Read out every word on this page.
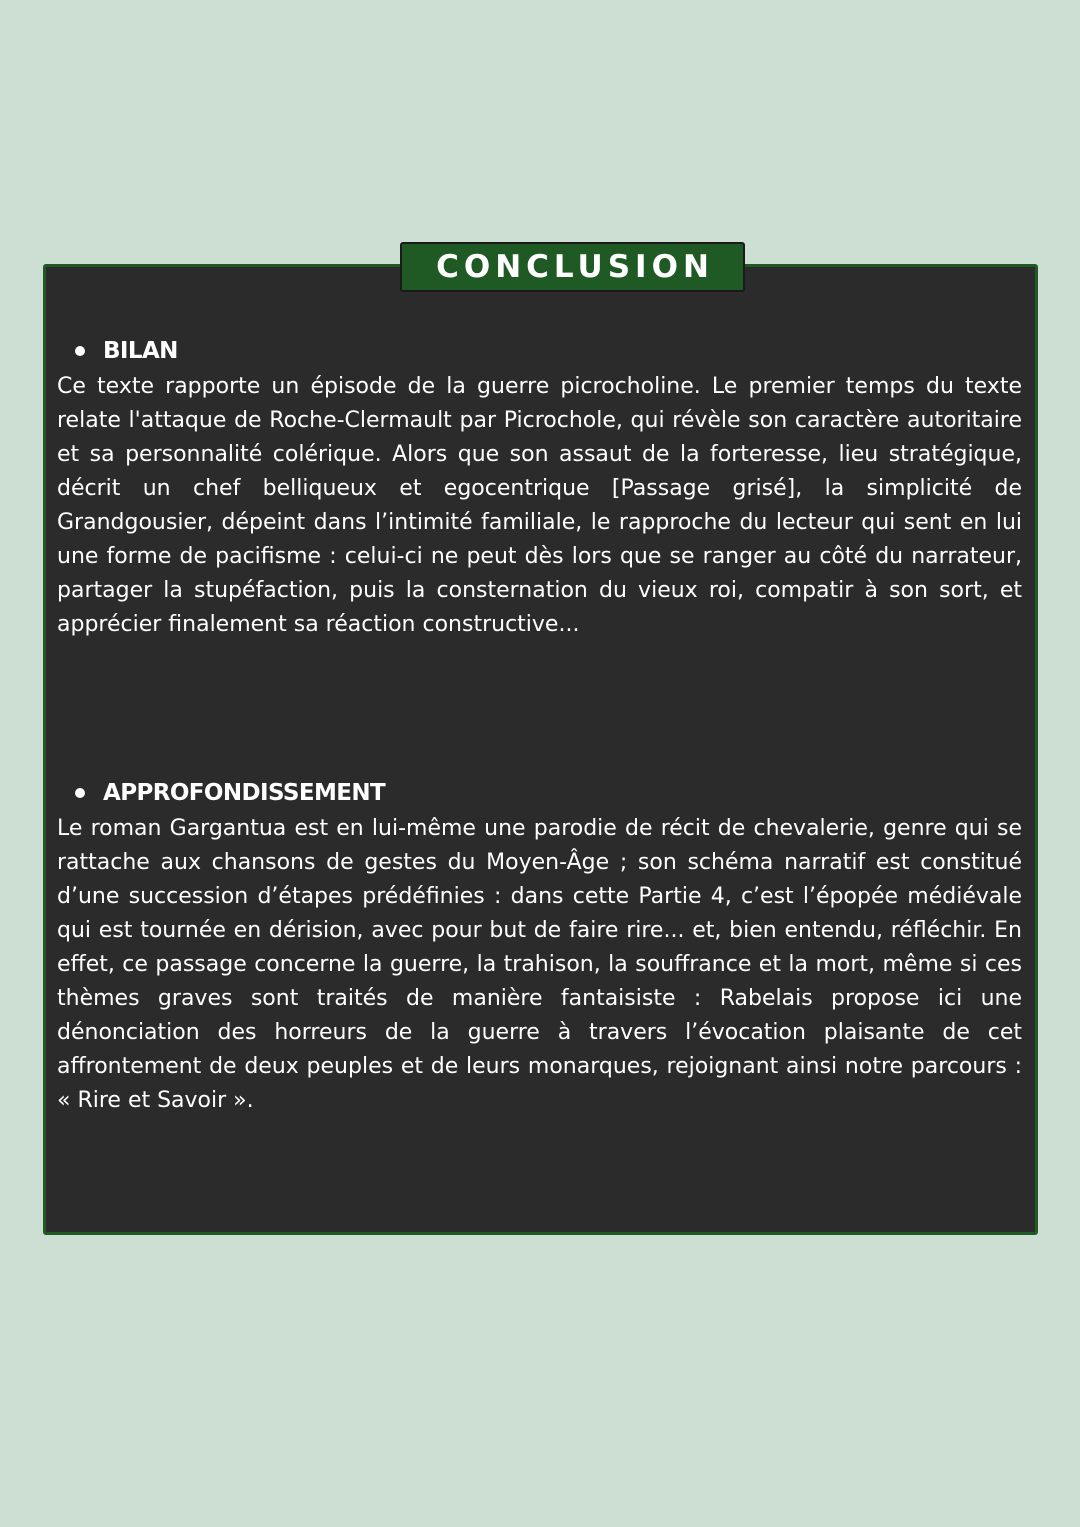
CONCLUSION
BILAN

Ce texte rapporte un épisode de la guerre picrocholine. Le premier temps du texte relate l'attaque de Roche-Clermault par Picrochole, qui révèle son caractère autoritaire et sa personnalité colérique. Alors que son assaut de la forteresse, lieu stratégique, décrit un chef belliqueux et egocentrique [Passage grisé], la simplicité de Grandgousier, dépeint dans l’intimité familiale, le rapproche du lecteur qui sent en lui une forme de pacifisme : celui-ci ne peut dès lors que se ranger au côté du narrateur, partager la stupéfaction, puis la consternation du vieux roi, compatir à son sort, et apprécier finalement sa réaction constructive...

APPROFONDISSEMENT

Le roman Gargantua est en lui-même une parodie de récit de chevalerie, genre qui se rattache aux chansons de gestes du Moyen-Âge ; son schéma narratif est constitué d’une succession d’étapes prédéfinies : dans cette Partie 4, c’est l’épopée médiévale qui est tournée en dérision, avec pour but de faire rire... et, bien entendu, réfléchir. En effet, ce passage concerne la guerre, la trahison, la souffrance et la mort, même si ces thèmes graves sont traités de manière fantaisiste : Rabelais propose ici une dénonciation des horreurs de la guerre à travers l’évocation plaisante de cet affrontement de deux peuples et de leurs monarques, rejoignant ainsi notre parcours : « Rire et Savoir ».
